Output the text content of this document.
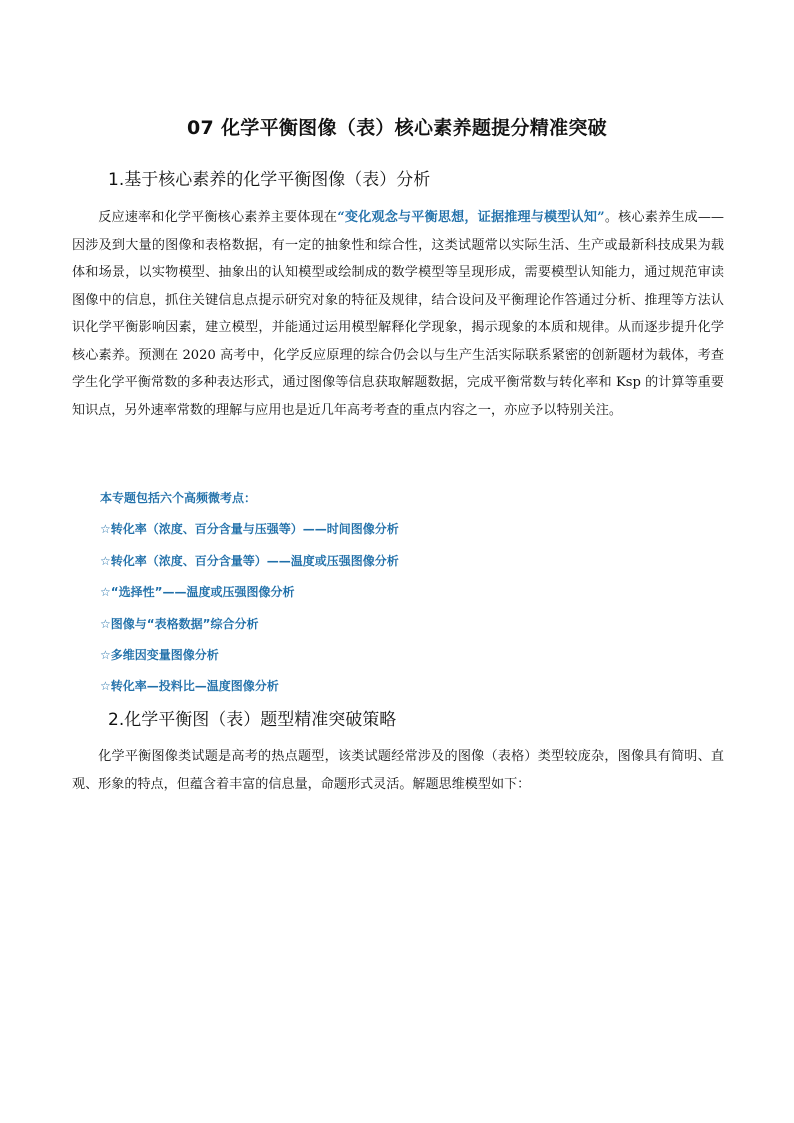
07 化学平衡图像（表）核心素养题提分精准突破
1.基于核心素养的化学平衡图像（表）分析

反应速率和化学平衡核心素养主要体现在“变化观念与平衡思想，证据推理与模型认知”。核心素养生成——因涉及到大量的图像和表格数据，有一定的抽象性和综合性，这类试题常以实际生活、生产或最新科技成果为载体和场景，以实物模型、抽象出的认知模型或绘制成的数学模型等呈现形成，需要模型认知能力，通过规范审读图像中的信息，抓住关键信息点提示研究对象的特征及规律，结合设问及平衡理论作答通过分析、推理等方法认识化学平衡影响因素，建立模型，并能通过运用模型解释化学现象，揭示现象的本质和规律。从而逐步提升化学核心素养。预测在 2020 高考中，化学反应原理的综合仍会以与生产生活实际联系紧密的创新题材为载体，考查学生化学平衡常数的多种表达形式，通过图像等信息获取解题数据，完成平衡常数与转化率和 Ksp 的计算等重要知识点，另外速率常数的理解与应用也是近几年高考考查的重点内容之一，亦应予以特别关注。

本专题包括六个高频微考点：
☆转化率（浓度、百分含量与压强等）——时间图像分析
☆转化率（浓度、百分含量等）——温度或压强图像分析
☆“选择性”——温度或压强图像分析
☆图像与“表格数据”综合分析
☆多维因变量图像分析
☆转化率—投料比—温度图像分析
2.化学平衡图（表）题型精准突破策略

化学平衡图像类试题是高考的热点题型，该类试题经常涉及的图像（表格）类型较庞杂，图像具有简明、直观、形象的特点，但蕴含着丰富的信息量，命题形式灵活。解题思维模型如下：
